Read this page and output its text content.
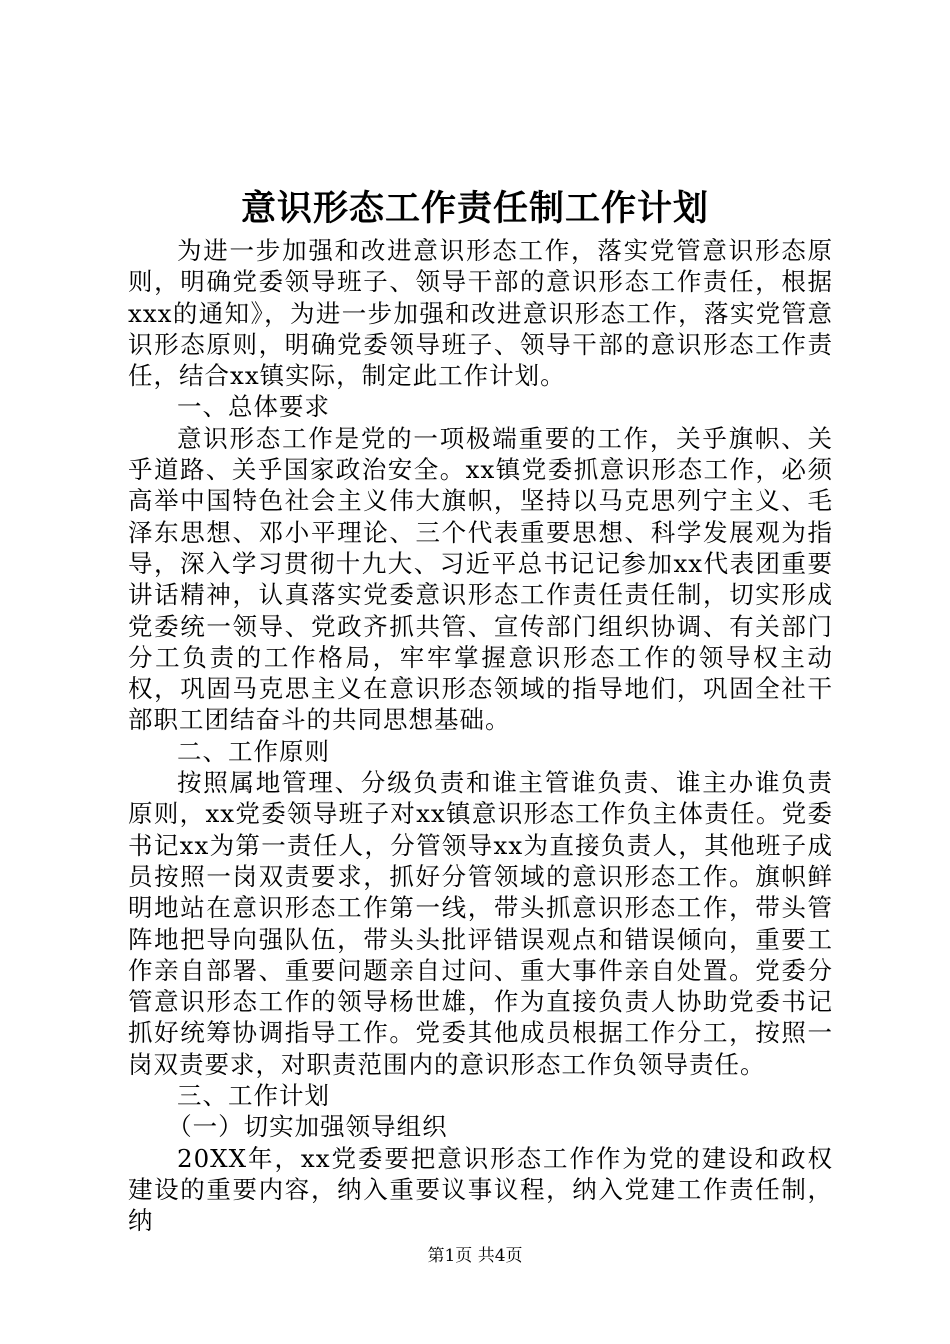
意识形态工作责任制工作计划

为进一步加强和改进意识形态工作，落实党管意识形态原则，明确党委领导班子、领导干部的意识形态工作责任，根据xxx的通知》，为进一步加强和改进意识形态工作，落实党管意识形态原则，明确党委领导班子、领导干部的意识形态工作责任，结合xx镇实际，制定此工作计划。

一、总体要求

意识形态工作是党的一项极端重要的工作，关乎旗帜、关乎道路、关乎国家政治安全。xx镇党委抓意识形态工作，必须高举中国特色社会主义伟大旗帜，坚持以马克思列宁主义、毛泽东思想、邓小平理论、三个代表重要思想、科学发展观为指导，深入学习贯彻十九大、习近平总书记记参加xx代表团重要讲话精神，认真落实党委意识形态工作责任责任制，切实形成党委统一领导、党政齐抓共管、宣传部门组织协调、有关部门分工负责的工作格局，牢牢掌握意识形态工作的领导权主动权，巩固马克思主义在意识形态领域的指导地们，巩固全社干部职工团结奋斗的共同思想基础。

二、工作原则

按照属地管理、分级负责和谁主管谁负责、谁主办谁负责原则，xx党委领导班子对xx镇意识形态工作负主体责任。党委书记xx为第一责任人，分管领导xx为直接负责人，其他班子成员按照一岗双责要求，抓好分管领域的意识形态工作。旗帜鲜明地站在意识形态工作第一线，带头抓意识形态工作，带头管阵地把导向强队伍，带头头批评错误观点和错误倾向，重要工作亲自部署、重要问题亲自过问、重大事件亲自处置。党委分管意识形态工作的领导杨世雄，作为直接负责人协助党委书记抓好统筹协调指导工作。党委其他成员根据工作分工，按照一岗双责要求，对职责范围内的意识形态工作负领导责任。

三、工作计划

（一）切实加强领导组织

20XX年，xx党委要把意识形态工作作为党的建设和政权建设的重要内容，纳入重要议事议程，纳入党建工作责任制，纳

第1页 共4页
